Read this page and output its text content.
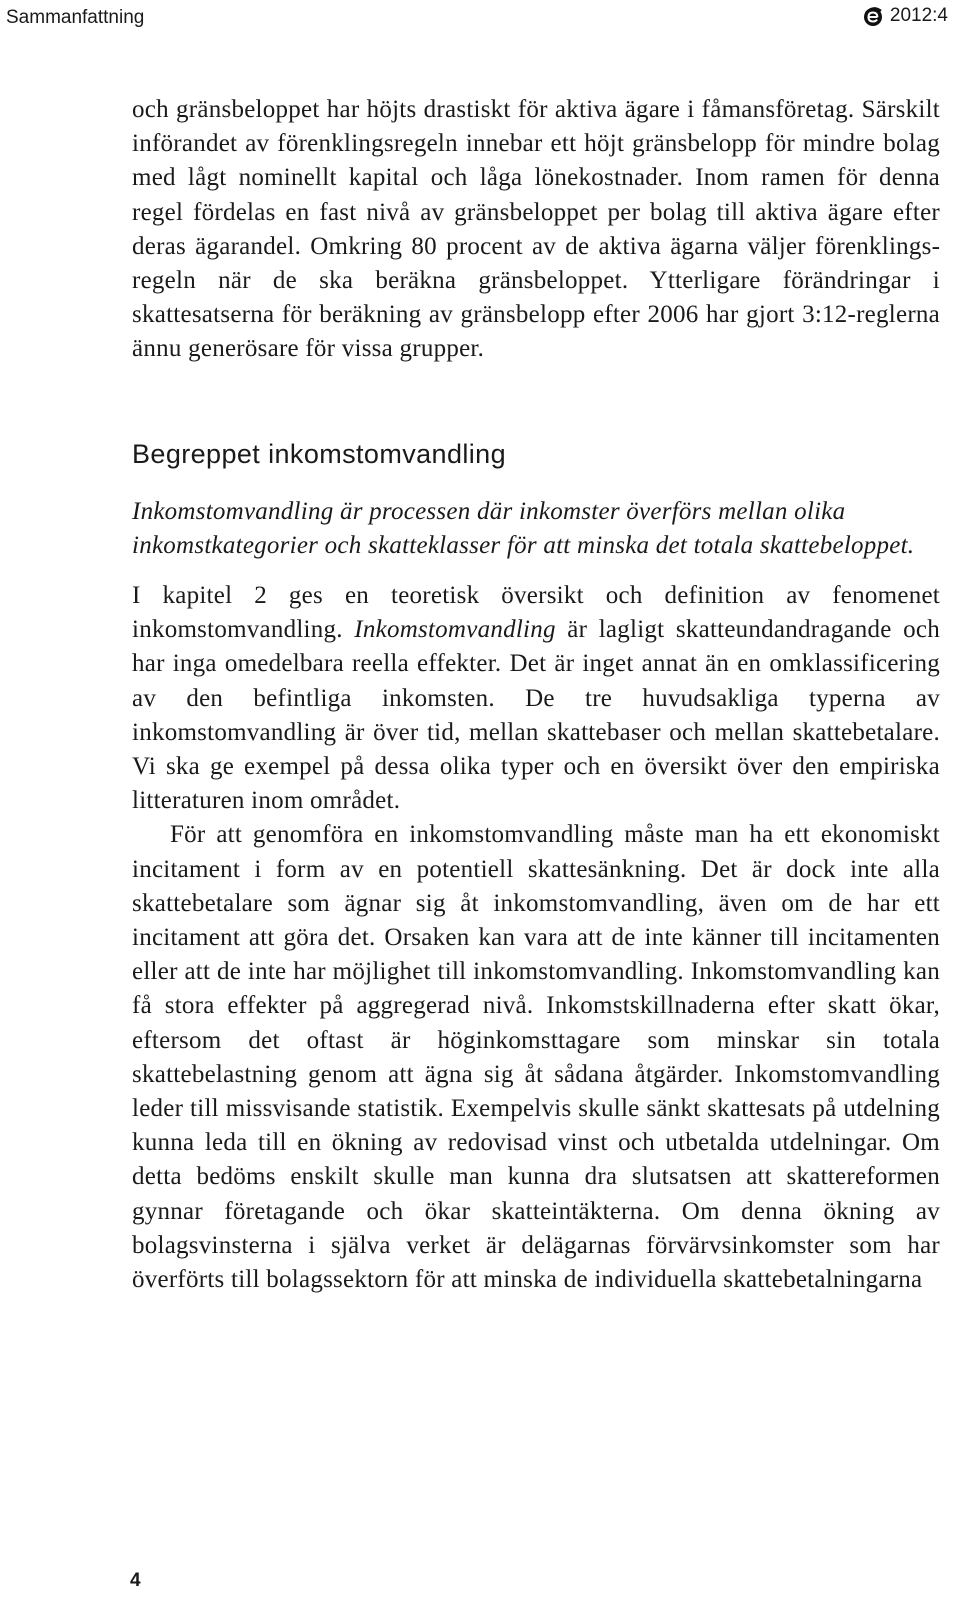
Sammanfattning	2012:4

och gränsbeloppet har höjts drastiskt för aktiva ägare i fåmansföretag. Särskilt införandet av förenklingsregeln innebar ett höjt gränsbelopp för mindre bolag med lågt nominellt kapital och låga lönekostnader. Inom ramen för denna regel fördelas en fast nivå av gränsbeloppet per bolag till aktiva ägare efter deras ägarandel. Omkring 80 procent av de aktiva ägarna väljer förenklingsregeln när de ska beräkna gränsbeloppet. Ytterligare förändringar i skattesatserna för beräkning av gränsbelopp efter 2006 har gjort 3:12-reglerna ännu generösare för vissa grupper.

Begreppet inkomstomvandling

Inkomstomvandling är processen där inkomster överförs mellan olika inkomstkategorier och skatteklasser för att minska det totala skattebeloppet.

I kapitel 2 ges en teoretisk översikt och definition av fenomenet inkomstomvandling. Inkomstomvandling är lagligt skatteundandragande och har inga omedelbara reella effekter. Det är inget annat än en omklassificering av den befintliga inkomsten. De tre huvudsakliga typerna av inkomstomvandling är över tid, mellan skattebaser och mellan skattebetalare. Vi ska ge exempel på dessa olika typer och en översikt över den empiriska litteraturen inom området.

För att genomföra en inkomstomvandling måste man ha ett ekonomiskt incitament i form av en potentiell skattesänkning. Det är dock inte alla skattebetalare som ägnar sig åt inkomstomvandling, även om de har ett incitament att göra det. Orsaken kan vara att de inte känner till incitamenten eller att de inte har möjlighet till inkomstomvandling. Inkomstomvandling kan få stora effekter på aggregerad nivå. Inkomstskillnaderna efter skatt ökar, eftersom det oftast är höginkomsttagare som minskar sin totala skattebelastning genom att ägna sig åt sådana åtgärder. Inkomstomvandling leder till missvisande statistik. Exempelvis skulle sänkt skattesats på utdelning kunna leda till en ökning av redovisad vinst och utbetalda utdelningar. Om detta bedöms enskilt skulle man kunna dra slutsatsen att skattereformen gynnar företagande och ökar skatteintäkterna. Om denna ökning av bolagsvinsterna i själva verket är delägarnas förvärvsinkomster som har överförts till bolagssektorn för att minska de individuella skattebetalningarna

4
